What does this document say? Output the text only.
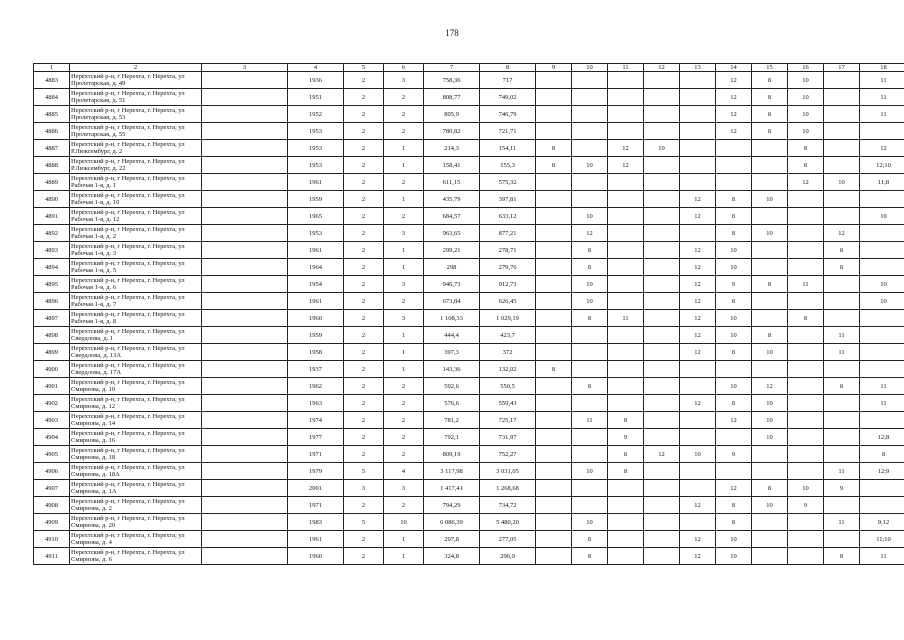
178
1	2	3	4	5	6	7	8	9	10	11	12	13	14	15	16	17	18
4883	Нерехтский р-н, г Нерехта, г. Нерехта, ул Пролетарская, д. 49		1936	2	3	758,36	717						12	8	10		11
4884	Нерехтский р-н, г Нерехта, г. Нерехта, ул Пролетарская, д. 51		1951	2	2	808,77	749,02						12	8	10		11
4885	Нерехтский р-н, г Нерехта, г. Нерехта, ул Пролетарская, д. 53		1952	2	2	805,9	746,79						12	8	10		11
4886	Нерехтский р-н, г Нерехта, г. Нерехта, ул Пролетарская, д. 55		1953	2	2	780,82	721,71						12	8	10		
4887	Нерехтский р-н, г Нерехта, г. Нерехта, ул Р.Люксембург, д. 2		1953	2	1	214,3	154,11	8		12	10				8		12
4888	Нерехтский р-н, г Нерехта, г. Нерехта, ул Р.Люксембург, д. 22		1953	2	1	158,41	155,3	8	10	12					8		12;10
4889	Нерехтский р-н, г Нерехта, г. Нерехта, ул Рабочая 1-я, д. 1		1961	2	2	611,15	575,32								12	10	11;8
4890	Нерехтский р-н, г Нерехта, г. Нерехта, ул Рабочая 1-я, д. 10		1959	2	1	435,79	397,81					12	8	10			
4891	Нерехтский р-н, г Нерехта, г. Нерехта, ул Рабочая 1-я, д. 12		1965	2	2	684,57	633,12		10			12	8				10
4892	Нерехтский р-н, г Нерехта, г. Нерехта, ул Рабочая 1-я, д. 2		1953	2	3	963,65	877,21		12				8	10		12	
4893	Нерехтский р-н, г Нерехта, г. Нерехта, ул Рабочая 1-я, д. 3		1961	2	1	299,21	278,71		8			12	10			8	
4894	Нерехтский р-н, г Нерехта, г. Нерехта, ул Рабочая 1-я, д. 5		1964	2	1	298	279,76		8			12	10			8	
4895	Нерехтский р-н, г Нерехта, г. Нерехта, ул Рабочая 1-я, д. 6		1954	2	3	946,73	912,73		10			12	9	8	11		10
4896	Нерехтский р-н, г Нерехта, г. Нерехта, ул Рабочая 1-я, д. 7		1961	2	2	673,84	626,45		10			12	8				10
4897	Нерехтский р-н, г Нерехта, г. Нерехта, ул Рабочая 1-я, д. 8		1960	2	3	1 108,33	1 029,19		8	11		12	10		8		
4898	Нерехтский р-н, г Нерехта, г. Нерехта, ул Свердлова, д. 1		1959	2	1	444,4	423,7					12	10	8		11	
4899	Нерехтский р-н, г Нерехта, г. Нерехта, ул Свердлова, д. 13А		1958	2	1	397,3	372					12	8	10		11	
4900	Нерехтский р-н, г Нерехта, г. Нерехта, ул Свердлова, д. 17А		1937	2	1	143,36	132,02	8									
4901	Нерехтский р-н, г Нерехта, г. Нерехта, ул Смирнова, д. 10		1962	2	2	592,6	550,5		8				10	12		8	11
4902	Нерехтский р-н, г Нерехта, г. Нерехта, ул Смирнова, д. 12		1963	2	2	576,6	559,43					12	8	10			11
4903	Нерехтский р-н, г Нерехта, г. Нерехта, ул Смирнова, д. 14		1974	2	2	781,2	725,17		11	8			12	10			
4904	Нерехтский р-н, г Нерехта, г. Нерехта, ул Смирнова, д. 16		1977	2	2	792,1	731,97			9				10			12;8
4905	Нерехтский р-н, г Нерехта, г. Нерехта, ул Смирнова, д. 18		1971	2	2	809,19	752,27			8	12	10	9				8
4906	Нерехтский р-н, г Нерехта, г. Нерехта, ул Смирнова, д. 18А		1979	5	4	3 117,98	3 031,05		10	8						11	12;9
4907	Нерехтский р-н, г Нерехта, г. Нерехта, ул Смирнова, д. 1А		2001	3	3	1 417,41	1 268,68						12	8	10	9	
4908	Нерехтский р-н, г Нерехта, г. Нерехта, ул Смирнова, д. 2		1971	2	2	794,29	734,72					12	8	10	9		
4909	Нерехтский р-н, г Нерехта, г. Нерехта, ул Смирнова, д. 20		1983	5	10	6 086,39	5 480,20		10				8			11	9;12
4910	Нерехтский р-н, г Нерехта, г. Нерехта, ул Смирнова, д. 4		1961	2	1	297,8	277,05		8			12	10				11;10
4911	Нерехтский р-н, г Нерехта, г. Нерехта, ул Смирнова, д. 6		1960	2	1	324,8	296,9		8			12	10			8	11
